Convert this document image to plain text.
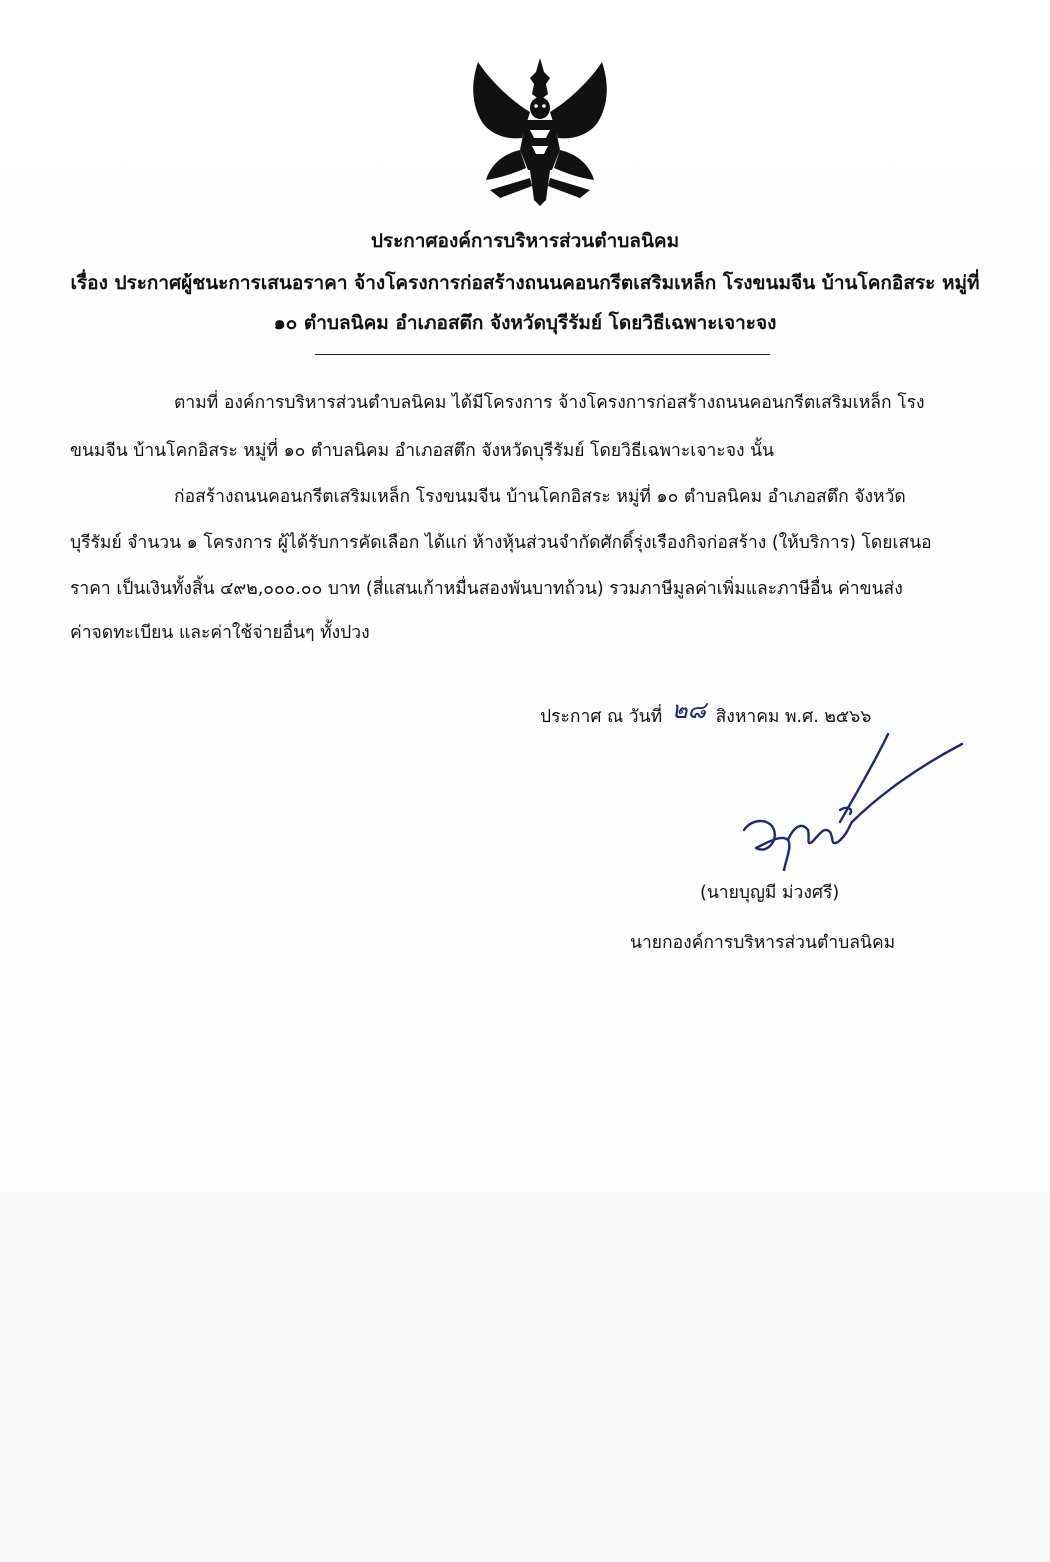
ประกาศองค์การบริหารส่วนตำบลนิคม
เรื่อง ประกาศผู้ชนะการเสนอราคา จ้างโครงการก่อสร้างถนนคอนกรีตเสริมเหล็ก โรงขนมจีน บ้านโคกอิสระ หมู่ที่
๑๐ ตำบลนิคม อำเภอสตึก จังหวัดบุรีรัมย์ โดยวิธีเฉพาะเจาะจง
ตามที่ องค์การบริหารส่วนตำบลนิคม ได้มีโครงการ จ้างโครงการก่อสร้างถนนคอนกรีตเสริมเหล็ก โรง
ขนมจีน บ้านโคกอิสระ หมู่ที่ ๑๐ ตำบลนิคม อำเภอสตึก จังหวัดบุรีรัมย์ โดยวิธีเฉพาะเจาะจง นั้น
ก่อสร้างถนนคอนกรีตเสริมเหล็ก โรงขนมจีน บ้านโคกอิสระ หมู่ที่ ๑๐ ตำบลนิคม อำเภอสตึก จังหวัด
บุรีรัมย์ จำนวน ๑ โครงการ ผู้ได้รับการคัดเลือก ได้แก่ ห้างหุ้นส่วนจำกัดศักดิ์รุ่งเรืองกิจก่อสร้าง (ให้บริการ) โดยเสนอ
ราคา เป็นเงินทั้งสิ้น ๔๙๒,๐๐๐.๐๐ บาท (สี่แสนเก้าหมื่นสองพันบาทถ้วน) รวมภาษีมูลค่าเพิ่มและภาษีอื่น ค่าขนส่ง
ค่าจดทะเบียน และค่าใช้จ่ายอื่นๆ ทั้งปวง
ประกาศ ณ วันที่ ๒๘ สิงหาคม พ.ศ. ๒๕๖๖
(นายบุญมี ม่วงศรี)
นายกองค์การบริหารส่วนตำบลนิคม
